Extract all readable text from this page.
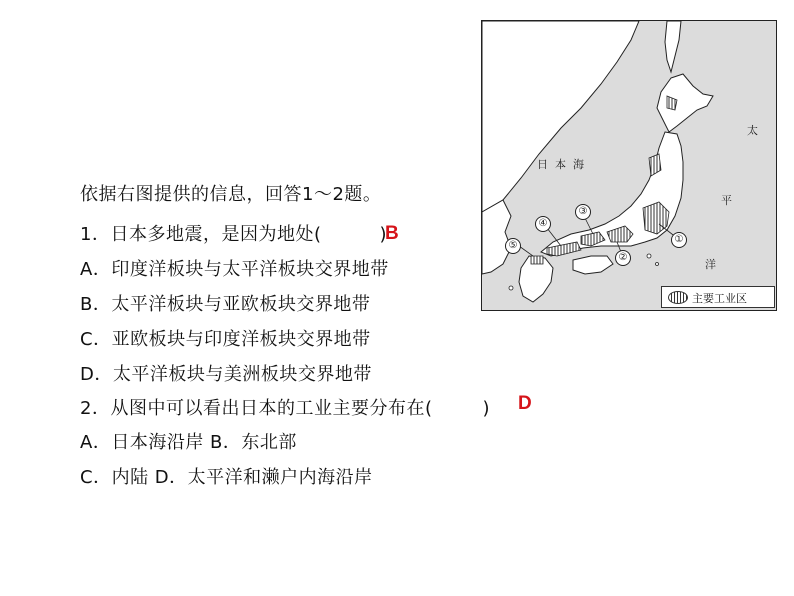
依据右图提供的信息，回答1～2题。
1．日本多地震，是因为地处(	)
B
A．印度洋板块与太平洋板块交界地带
B．太平洋板块与亚欧板块交界地带
C．亚欧板块与印度洋板块交界地带
D．太平洋板块与美洲板块交界地带
2．从图中可以看出日本的工业主要分布在(	) D
A．日本海沿岸 B．东北部
C．内陆 D．太平洋和濑户内海沿岸
日 本 海
太
平
洋
①
②
③
④
⑤
主要工业区
